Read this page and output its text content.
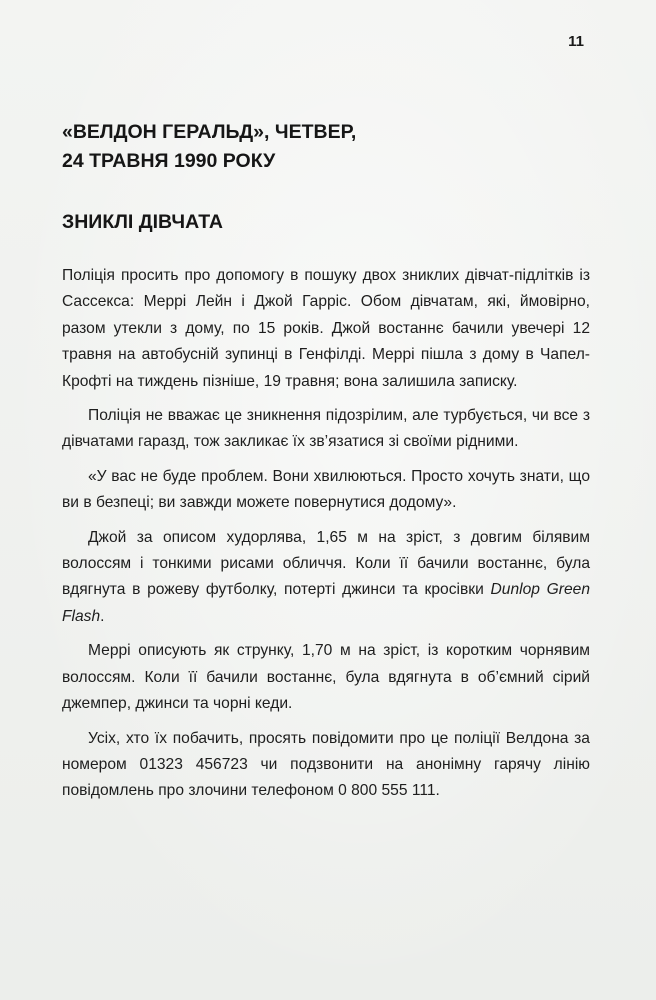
11
«ВЕЛДОН ГЕРАЛЬД», ЧЕТВЕР,
24 ТРАВНЯ 1990 РОКУ
ЗНИКЛІ ДІВЧАТА

Поліція просить про допомогу в пошуку двох зниклих дівчат-підлітків із Сассекса: Меррі Лейн і Джой Гарріс. Обом дівчатам, які, ймовірно, разом утекли з дому, по 15 років. Джой востаннє бачили увечері 12 травня на автобусній зупинці в Генфілді. Меррі пішла з дому в Чапел-Крофті на тиждень пізніше, 19 травня; вона залишила записку.

Поліція не вважає це зникнення підозрілим, але турбується, чи все з дівчатами гаразд, тож закликає їх зв’язатися зі своїми рідними.

«У вас не буде проблем. Вони хвилюються. Просто хочуть знати, що ви в безпеці; ви завжди можете повернутися додому».

Джой за описом худорлява, 1,65 м на зріст, з довгим білявим волоссям і тонкими рисами обличчя. Коли її бачили востаннє, була вдягнута в рожеву футболку, потерті джинси та кросівки Dunlop Green Flash.

Меррі описують як струнку, 1,70 м на зріст, із коротким чорнявим волоссям. Коли її бачили востаннє, була вдягнута в об’ємний сірий джемпер, джинси та чорні кеди.

Усіх, хто їх побачить, просять повідомити про це поліції Велдона за номером 01323 456723 чи подзвонити на анонімну гарячу лінію повідомлень про злочини телефоном 0 800 555 111.
